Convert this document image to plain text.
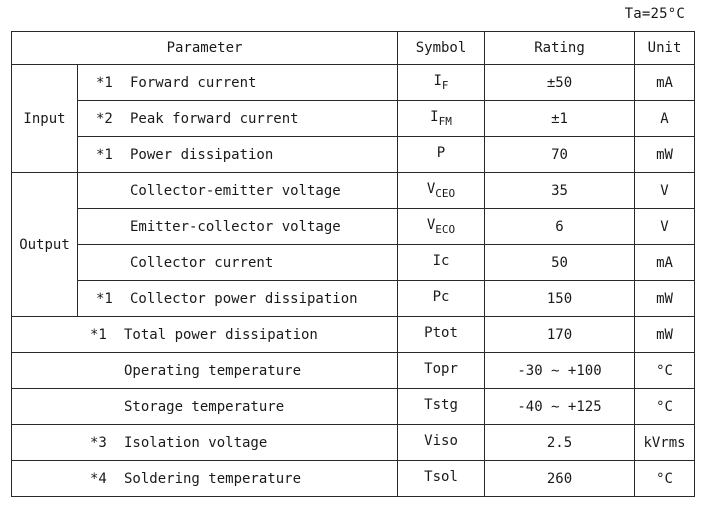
Ta=25°C
Parameter		Symbol	Rating	Unit
Input	*1 Forward current	$I_F$	±50	mA
	*2 Peak forward current	$I_{FM}$	±1	A
	*1 Power dissipation	P	70	mW
Output	Collector-emitter voltage	$V_{CEO}$	35	V
	Emitter-collector voltage	$V_{ECO}$	6	V
	Collector current	Ic	50	mA
	*1 Collector power dissipation	Pc	150	mW
*1 Total power dissipation		Ptot	170	mW
Operating temperature		Topr	-30 ∼ +100	°C
Storage temperature		Tstg	-40 ∼ +125	°C
*3 Isolation voltage		Viso	2.5	kVrms
*4 Soldering temperature		Tsol	260	°C
